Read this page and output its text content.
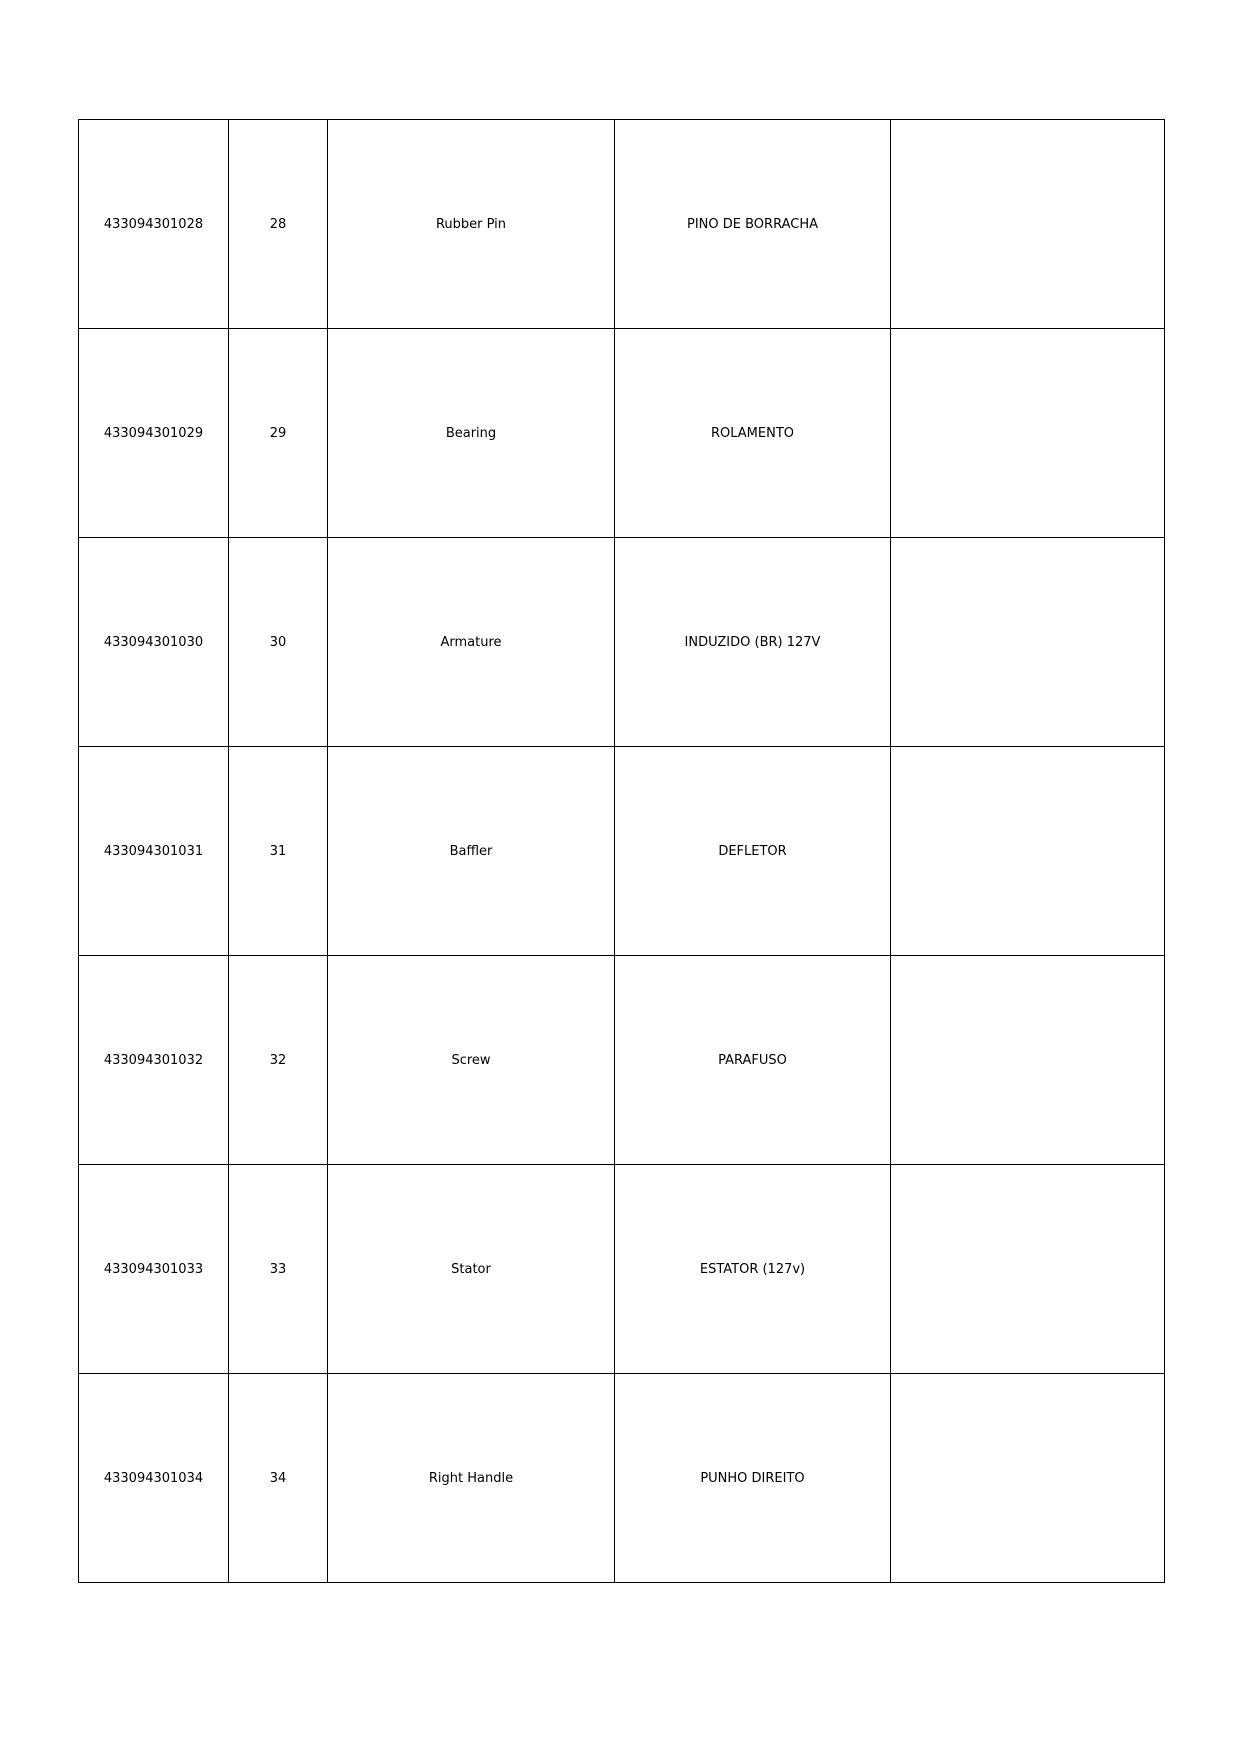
433094301028	28	Rubber Pin	PINO DE BORRACHA	
433094301029	29	Bearing	ROLAMENTO	
433094301030	30	Armature	INDUZIDO (BR) 127V	
433094301031	31	Baffler	DEFLETOR	
433094301032	32	Screw	PARAFUSO	
433094301033	33	Stator	ESTATOR (127v)	
433094301034	34	Right Handle	PUNHO DIREITO	
